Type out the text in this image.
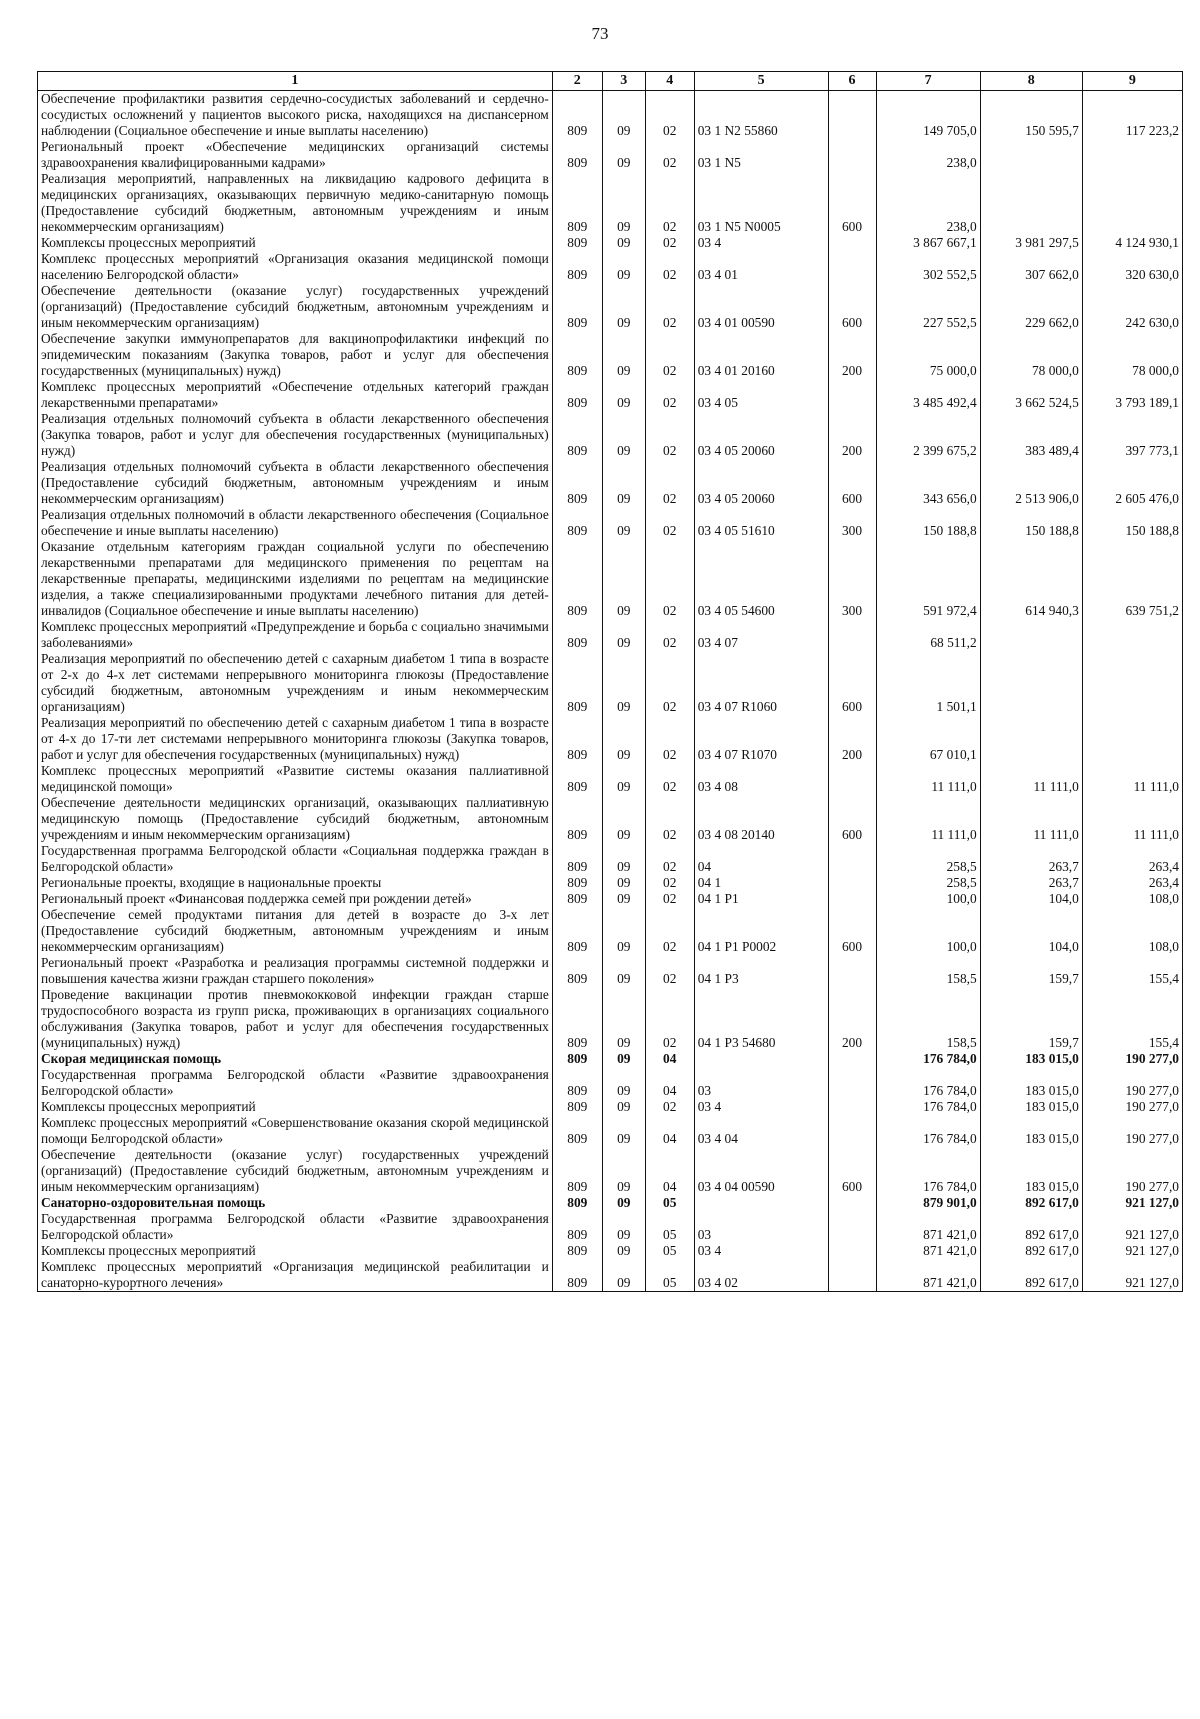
73
1	2	3	4	5	6	7	8	9
Обеспечение профилактики развития сердечно-сосудистых заболеваний и сердечно-сосудистых осложнений у пациентов высокого риска, находящихся на диспансерном наблюдении (Социальное обеспечение и иные выплаты населению)	809	09	02	03 1 N2 55860		149 705,0	150 595,7	117 223,2
Региональный проект «Обеспечение медицинских организаций системы здравоохранения квалифицированными кадрами»	809	09	02	03 1 N5		238,0		
Реализация мероприятий, направленных на ликвидацию кадрового дефицита в медицинских организациях, оказывающих первичную медико-санитарную помощь (Предоставление субсидий бюджетным, автономным учреждениям и иным некоммерческим организациям)	809	09	02	03 1 N5 N0005	600	238,0		
Комплексы процессных мероприятий	809	09	02	03 4		3 867 667,1	3 981 297,5	4 124 930,1
Комплекс процессных мероприятий «Организация оказания медицинской помощи населению Белгородской области»	809	09	02	03 4 01		302 552,5	307 662,0	320 630,0
Обеспечение деятельности (оказание услуг) государственных учреждений (организаций) (Предоставление субсидий бюджетным, автономным учреждениям и иным некоммерческим организациям)	809	09	02	03 4 01 00590	600	227 552,5	229 662,0	242 630,0
Обеспечение закупки иммунопрепаратов для вакцинопрофилактики инфекций по эпидемическим показаниям (Закупка товаров, работ и услуг для обеспечения государственных (муниципальных) нужд)	809	09	02	03 4 01 20160	200	75 000,0	78 000,0	78 000,0
Комплекс процессных мероприятий «Обеспечение отдельных категорий граждан лекарственными препаратами»	809	09	02	03 4 05		3 485 492,4	3 662 524,5	3 793 189,1
Реализация отдельных полномочий субъекта в области лекарственного обеспечения (Закупка товаров, работ и услуг для обеспечения государственных (муниципальных) нужд)	809	09	02	03 4 05 20060	200	2 399 675,2	383 489,4	397 773,1
Реализация отдельных полномочий субъекта в области лекарственного обеспечения (Предоставление субсидий бюджетным, автономным учреждениям и иным некоммерческим организациям)	809	09	02	03 4 05 20060	600	343 656,0	2 513 906,0	2 605 476,0
Реализация отдельных полномочий в области лекарственного обеспечения (Социальное обеспечение и иные выплаты населению)	809	09	02	03 4 05 51610	300	150 188,8	150 188,8	150 188,8
Оказание отдельным категориям граждан социальной услуги по обеспечению лекарственными препаратами для медицинского применения по рецептам на лекарственные препараты, медицинскими изделиями по рецептам на медицинские изделия, а также специализированными продуктами лечебного питания для детей-инвалидов (Социальное обеспечение и иные выплаты населению)	809	09	02	03 4 05 54600	300	591 972,4	614 940,3	639 751,2
Комплекс процессных мероприятий «Предупреждение и борьба с социально значимыми заболеваниями»	809	09	02	03 4 07		68 511,2		
Реализация мероприятий по обеспечению детей с сахарным диабетом 1 типа в возрасте от 2-х до 4-х лет системами непрерывного мониторинга глюкозы (Предоставление субсидий бюджетным, автономным учреждениям и иным некоммерческим организациям)	809	09	02	03 4 07 R1060	600	1 501,1		
Реализация мероприятий по обеспечению детей с сахарным диабетом 1 типа в возрасте от 4-х до 17-ти лет системами непрерывного мониторинга глюкозы (Закупка товаров, работ и услуг для обеспечения государственных (муниципальных) нужд)	809	09	02	03 4 07 R1070	200	67 010,1		
Комплекс процессных мероприятий «Развитие системы оказания паллиативной медицинской помощи»	809	09	02	03 4 08		11 111,0	11 111,0	11 111,0
Обеспечение деятельности медицинских организаций, оказывающих паллиативную медицинскую помощь (Предоставление субсидий бюджетным, автономным учреждениям и иным некоммерческим организациям)	809	09	02	03 4 08 20140	600	11 111,0	11 111,0	11 111,0
Государственная программа Белгородской области «Социальная поддержка граждан в Белгородской области»	809	09	02	04		258,5	263,7	263,4
Региональные проекты, входящие в национальные проекты	809	09	02	04 1		258,5	263,7	263,4
Региональный проект «Финансовая поддержка семей при рождении детей»	809	09	02	04 1 P1		100,0	104,0	108,0
Обеспечение семей продуктами питания для детей в возрасте до 3-х лет (Предоставление субсидий бюджетным, автономным учреждениям и иным некоммерческим организациям)	809	09	02	04 1 P1 P0002	600	100,0	104,0	108,0
Региональный проект «Разработка и реализация программы системной поддержки и повышения качества жизни граждан старшего поколения»	809	09	02	04 1 P3		158,5	159,7	155,4
Проведение вакцинации против пневмококковой инфекции граждан старше трудоспособного возраста из групп риска, проживающих в организациях социального обслуживания (Закупка товаров, работ и услуг для обеспечения государственных (муниципальных) нужд)	809	09	02	04 1 P3 54680	200	158,5	159,7	155,4
Скорая медицинская помощь	809	09	04			176 784,0	183 015,0	190 277,0
Государственная программа Белгородской области «Развитие здравоохранения Белгородской области»	809	09	04	03		176 784,0	183 015,0	190 277,0
Комплексы процессных мероприятий	809	09	02	03 4		176 784,0	183 015,0	190 277,0
Комплекс процессных мероприятий «Совершенствование оказания скорой медицинской помощи Белгородской области»	809	09	04	03 4 04		176 784,0	183 015,0	190 277,0
Обеспечение деятельности (оказание услуг) государственных учреждений (организаций) (Предоставление субсидий бюджетным, автономным учреждениям и иным некоммерческим организациям)	809	09	04	03 4 04 00590	600	176 784,0	183 015,0	190 277,0
Санаторно-оздоровительная помощь	809	09	05			879 901,0	892 617,0	921 127,0
Государственная программа Белгородской области «Развитие здравоохранения Белгородской области»	809	09	05	03		871 421,0	892 617,0	921 127,0
Комплексы процессных мероприятий	809	09	05	03 4		871 421,0	892 617,0	921 127,0
Комплекс процессных мероприятий «Организация медицинской реабилитации и санаторно-курортного лечения»	809	09	05	03 4 02		871 421,0	892 617,0	921 127,0
